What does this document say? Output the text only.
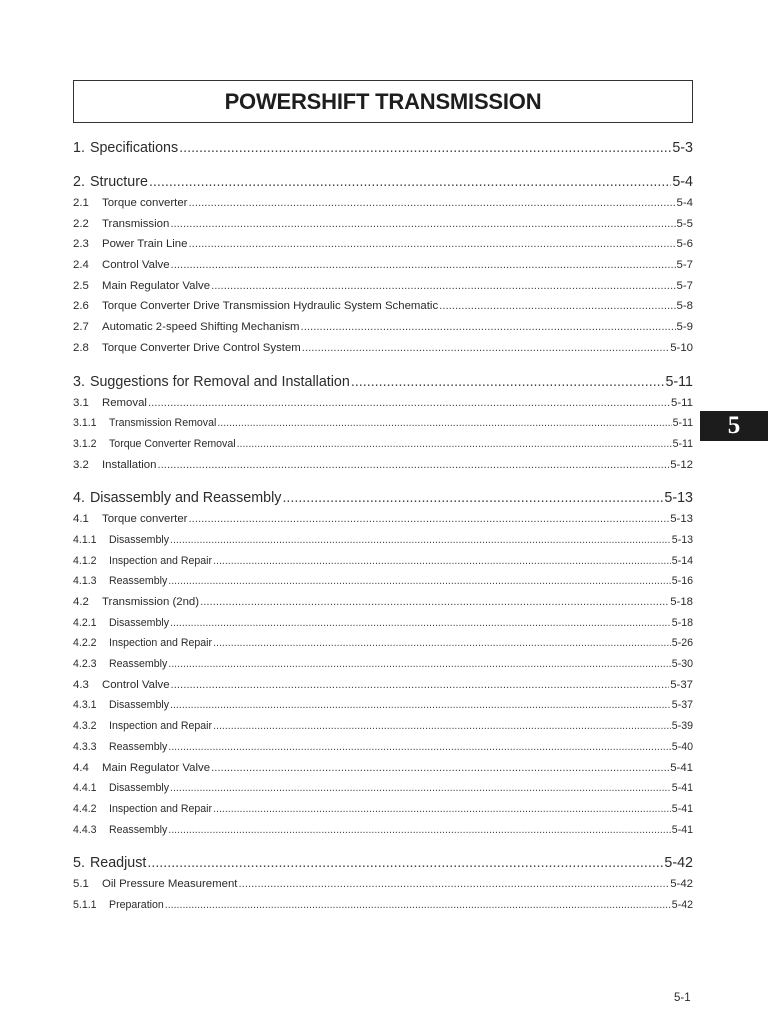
POWERSHIFT TRANSMISSION
1. Specifications .....	5-3
2. Structure .....	5-4
2.1	Torque converter .....	5-4
2.2	Transmission .....	5-5
2.3	Power Train Line .....	5-6
2.4	Control Valve .....	5-7
2.5	Main Regulator Valve .....	5-7
2.6	Torque Converter Drive Transmission Hydraulic System Schematic .....	5-8
2.7	Automatic 2-speed Shifting Mechanism .....	5-9
2.8	Torque Converter Drive Control System .....	5-10
3. Suggestions for Removal and Installation .....	5-11
3.1	Removal .....	5-11
3.1.1	Transmission Removal .....	5-11
3.1.2	Torque Converter Removal .....	5-11
3.2	Installation .....	5-12
4. Disassembly and Reassembly .....	5-13
4.1	Torque converter .....	5-13
4.1.1	Disassembly .....	5-13
4.1.2	Inspection and Repair .....	5-14
4.1.3	Reassembly .....	5-16
4.2	Transmission (2nd) .....	5-18
4.2.1	Disassembly .....	5-18
4.2.2	Inspection and Repair .....	5-26
4.2.3	Reassembly .....	5-30
4.3	Control Valve .....	5-37
4.3.1	Disassembly .....	5-37
4.3.2	Inspection and Repair .....	5-39
4.3.3	Reassembly .....	5-40
4.4	Main Regulator Valve .....	5-41
4.4.1	Disassembly .....	5-41
4.4.2	Inspection and Repair .....	5-41
4.4.3	Reassembly .....	5-41
5. Readjust .....	5-42
5.1	Oil Pressure Measurement .....	5-42
5.1.1	Preparation .....	5-42
5
5-1
